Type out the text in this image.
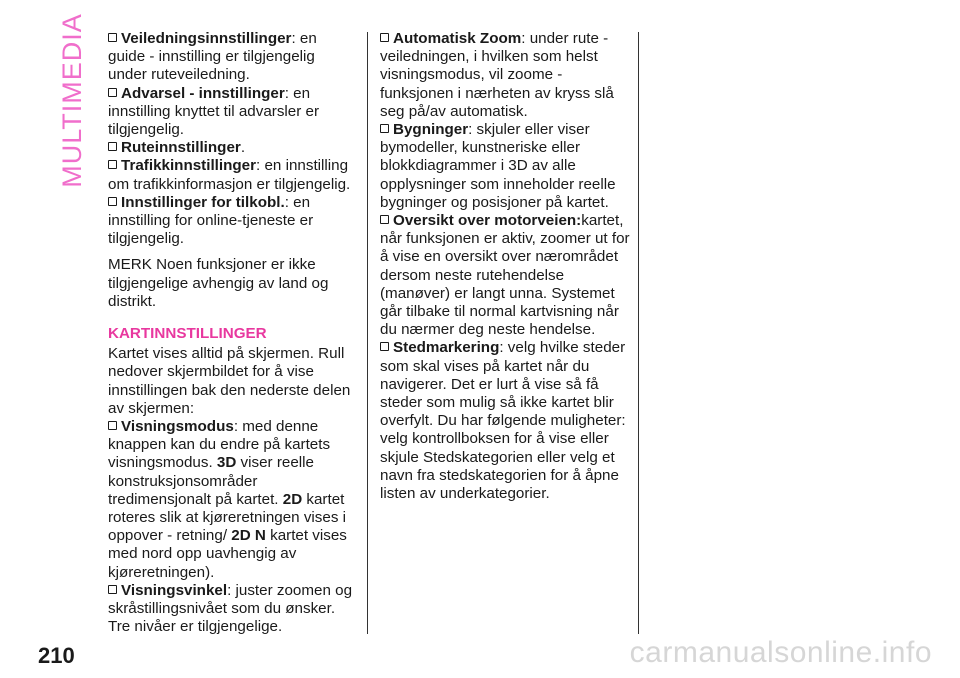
MULTIMEDIA	Veiledningsinnstillinger: en guide - innstilling er tilgjengelig under ruteveiledning.

Advarsel - innstillinger: en innstilling knyttet til advarsler er tilgjengelig.

Ruteinnstillinger.

Trafikkinnstillinger: en innstilling om trafikkinformasjon er tilgjengelig.

Innstillinger for tilkobl.: en innstilling for online-tjeneste er tilgjengelig.

MERK Noen funksjoner er ikke tilgjengelige avhengig av land og distrikt.

KARTINNSTILLINGER

Kartet vises alltid på skjermen. Rull nedover skjermbildet for å vise innstillingen bak den nederste delen av skjermen:

Visningsmodus: med denne knappen kan du endre på kartets visningsmodus. 3D viser reelle konstruksjonsområder tredimensjonalt på kartet. 2D kartet roteres slik at kjøreretningen vises i oppover - retning/ 2D N kartet vises med nord opp uavhengig av kjøreretningen).

Visningsvinkel: juster zoomen og skråstillingsnivået som du ønsker. Tre nivåer er tilgjengelige.

Automatisk Zoom: under rute - veiledningen, i hvilken som helst visningsmodus, vil zoome - funksjonen i nærheten av kryss slå seg på/av automatisk.

Bygninger: skjuler eller viser bymodeller, kunstneriske eller blokkdiagrammer i 3D av alle opplysninger som inneholder reelle bygninger og posisjoner på kartet.

Oversikt over motorveien:kartet, når funksjonen er aktiv, zoomer ut for å vise en oversikt over nærområdet dersom neste rutehendelse (manøver) er langt unna. Systemet går tilbake til normal kartvisning når du nærmer deg neste hendelse.

Stedmarkering: velg hvilke steder som skal vises på kartet når du navigerer. Det er lurt å vise så få steder som mulig så ikke kartet blir overfylt. Du har følgende muligheter: velg kontrollboksen for å vise eller skjule Stedskategorien eller velg et navn fra stedskategorien for å åpne listen av underkategorier.

210	carmanualsonline.info
